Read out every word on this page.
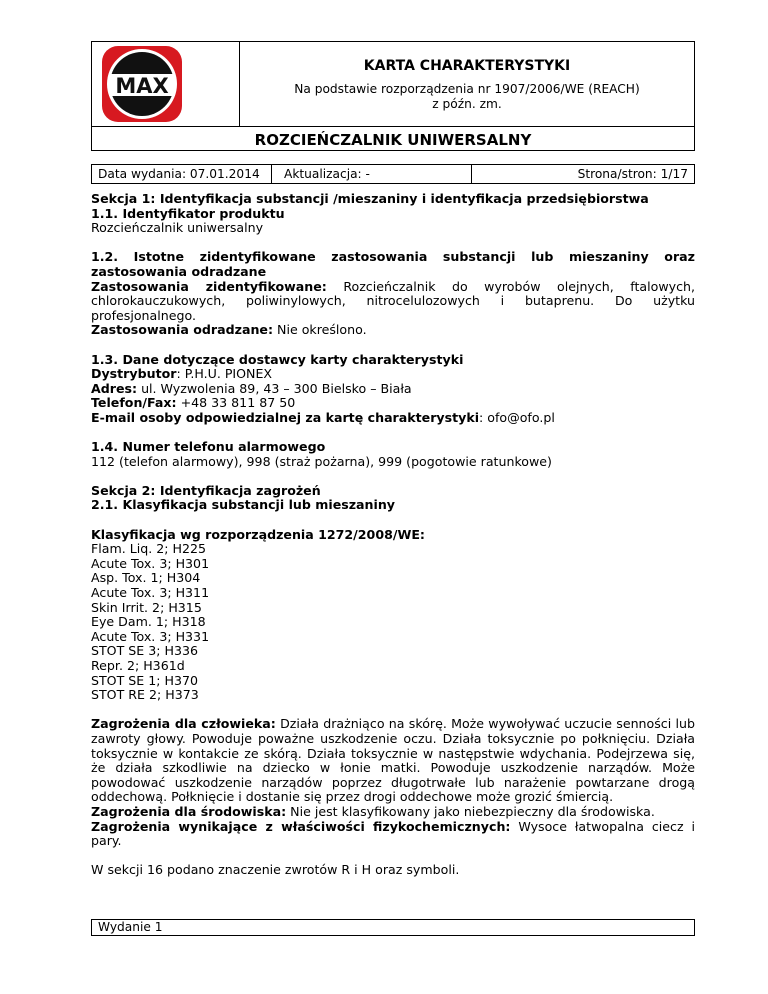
MAX
KARTA CHARAKTERYSTYKI
Na podstawie rozporządzenia nr 1907/2006/WE (REACH)
z późn. zm.
ROZCIEŃCZALNIK UNIWERSALNY
Data wydania: 07.01.2014	Aktualizacja: -	Strona/stron: 1/17

Sekcja 1: Identyfikacja substancji /mieszaniny i identyfikacja przedsiębiorstwa

1.1. Identyfikator produktu

Rozcieńczalnik uniwersalny

1.2. Istotne zidentyfikowane zastosowania substancji lub mieszaniny oraz zastosowania odradzane

Zastosowania zidentyfikowane: Rozcieńczalnik do wyrobów olejnych, ftalowych, chlorokauczukowych, poliwinylowych, nitrocelulozowych i butaprenu. Do użytku profesjonalnego.

Zastosowania odradzane: Nie określono.

1.3. Dane dotyczące dostawcy karty charakterystyki

Dystrybutor: P.H.U. PIONEX

Adres: ul. Wyzwolenia 89, 43 – 300 Bielsko – Biała

Telefon/Fax: +48 33 811 87 50

E-mail osoby odpowiedzialnej za kartę charakterystyki: ofo@ofo.pl

1.4. Numer telefonu alarmowego

112 (telefon alarmowy), 998 (straż pożarna), 999 (pogotowie ratunkowe)

Sekcja 2: Identyfikacja zagrożeń

2.1. Klasyfikacja substancji lub mieszaniny

Klasyfikacja wg rozporządzenia 1272/2008/WE:

Flam. Liq. 2; H225

Acute Tox. 3; H301

Asp. Tox. 1; H304

Acute Tox. 3; H311

Skin Irrit. 2; H315

Eye Dam. 1; H318

Acute Tox. 3; H331

STOT SE 3; H336

Repr. 2; H361d

STOT SE 1; H370

STOT RE 2; H373

Zagrożenia dla człowieka: Działa drażniąco na skórę. Może wywoływać uczucie senności lub zawroty głowy. Powoduje poważne uszkodzenie oczu. Działa toksycznie po połknięciu. Działa toksycznie w kontakcie ze skórą. Działa toksycznie w następstwie wdychania. Podejrzewa się, że działa szkodliwie na dziecko w łonie matki. Powoduje uszkodzenie narządów. Może powodować uszkodzenie narządów poprzez długotrwałe lub narażenie powtarzane drogą oddechową. Połknięcie i dostanie się przez drogi oddechowe może grozić śmiercią.

Zagrożenia dla środowiska: Nie jest klasyfikowany jako niebezpieczny dla środowiska.

Zagrożenia wynikające z właściwości fizykochemicznych: Wysoce łatwopalna ciecz i pary.

W sekcji 16 podano znaczenie zwrotów R i H oraz symboli.

Wydanie 1
